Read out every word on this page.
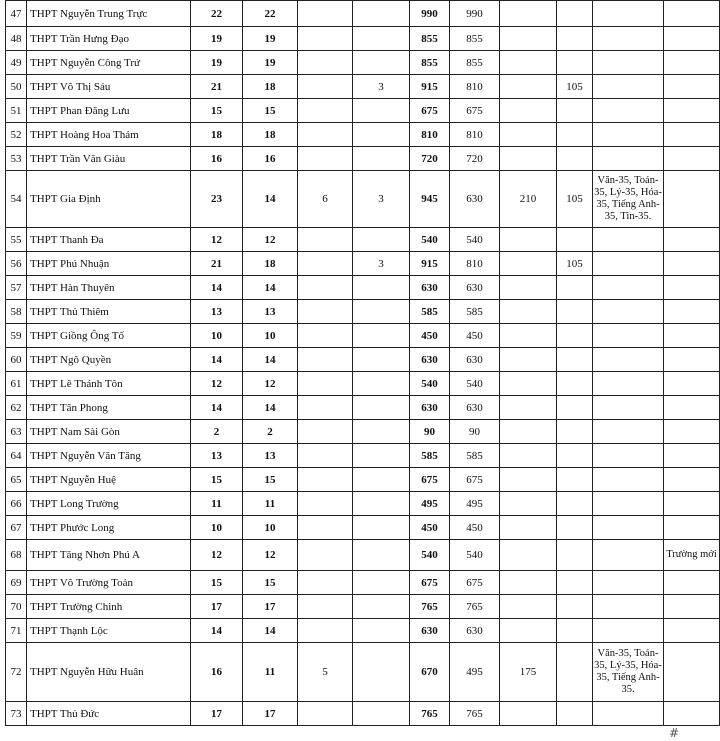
47	THPT Nguyễn Trung Trực	22	22			990	990				
48	THPT Trần Hưng Đạo	19	19			855	855				
49	THPT Nguyễn Công Trứ	19	19			855	855				
50	THPT Võ Thị Sáu	21	18		3	915	810		105		
51	THPT Phan Đăng Lưu	15	15			675	675				
52	THPT Hoàng Hoa Thám	18	18			810	810				
53	THPT Trần Văn Giàu	16	16			720	720				
54	THPT Gia Định	23	14	6	3	945	630	210	105	Văn-35, Toán-35, Lý-35, Hóa-35, Tiếng Anh-35, Tin-35.	
55	THPT Thanh Đa	12	12			540	540				
56	THPT Phú Nhuận	21	18		3	915	810		105		
57	THPT Hàn Thuyên	14	14			630	630				
58	THPT Thủ Thiêm	13	13			585	585				
59	THPT Giồng Ông Tố	10	10			450	450				
60	THPT Ngô Quyền	14	14			630	630				
61	THPT Lê Thánh Tôn	12	12			540	540				
62	THPT Tân Phong	14	14			630	630				
63	THPT Nam Sài Gòn	2	2			90	90				
64	THPT Nguyễn Văn Tăng	13	13			585	585				
65	THPT Nguyễn Huệ	15	15			675	675				
66	THPT Long Trường	11	11			495	495				
67	THPT Phước Long	10	10			450	450				
68	THPT Tăng Nhơn Phú A	12	12			540	540				Trường mới
69	THPT Võ Trường Toản	15	15			675	675				
70	THPT Trường Chinh	17	17			765	765				
71	THPT Thạnh Lộc	14	14			630	630				
72	THPT Nguyễn Hữu Huân	16	11	5		670	495	175		Văn-35, Toán-35, Lý-35, Hóa-35, Tiếng Anh-35.	
73	THPT Thủ Đức	17	17			765	765				
#
